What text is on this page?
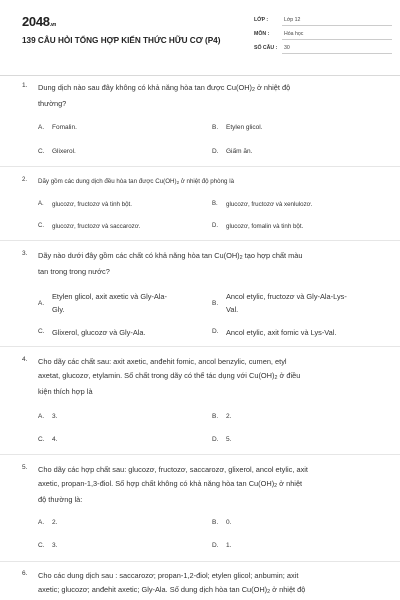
2048.vn
139 CÂU HỎI TỔNG HỢP KIẾN THỨC HỮU CƠ (P4)
LỚP :	Lớp 12
MÔN :	Hóa học
SỐ CÂU :	30
1. Dung dịch nào sau đây không có khả năng hòa tan được $Cu(OH)_2$ ở nhiệt độ
thường?
A. Fomalin.	B. Etylen glicol.
C. Glixerol.	D. Giấm ăn.
2. Dãy gồm các dung dịch đều hòa tan được $Cu(OH)_2$ ở nhiệt độ phòng là
A. glucozơ, fructozơ và tinh bột.	B. glucozơ, fructozơ và xenlulozơ.
C. glucozơ, fructozơ và saccarozơ.	D. glucozơ, fomalin và tinh bột.
3. Dãy nào dưới đây gồm các chất có khả năng hòa $\tan Cu(OH)_2$ tạo hợp chất màu
tan trong trong nước?
A.
Etylen glicol, axit axetic và Gly-Ala-
Gly.
B.
Ancol etylic, fructozơ và Gly-Ala-Lys-
Val.
C. Glixerol, glucozơ và Gly-Ala.	D. Ancol etylic, axit fomic và Lys-Val.
4. Cho dãy các chất sau: axit axetic, anđehit fomic, ancol benzylic, cumen, etyl
axetat, glucozơ, etylamin. Số chất trong dãy có thể tác dụng với $Cu(OH)_2$ ở điều
kiện thích hợp là
A. 3.	B. 2.
C. 4.	D. 5.
5. Cho dãy các hợp chất sau: glucozơ, fructozơ, saccarozơ, glixerol, ancol etylic, axit
axetic, propan-1,3-điol. Số hợp chất không có khả năng hòa $\tan Cu(OH)_2$ ở nhiệt
độ thường là:
A. 2.	B. 0.
C. 3.	D. 1.
6. Cho các dung dịch sau : saccarozơ; propan-1,2-điol; etylen glicol; anbumin; axit
axetic; glucozơ; anđehit axetic; Gly-Ala. Số dung dịch hòa $\tan Cu(OH)_2$ ở nhiệt độ
